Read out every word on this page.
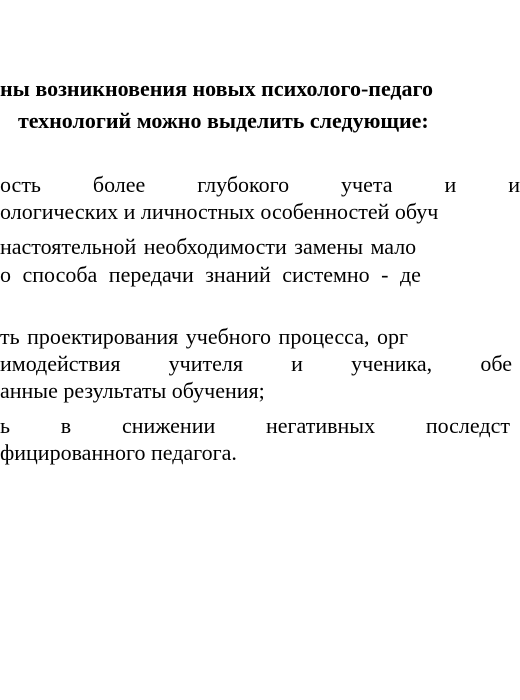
ны возникновения новых психолого-педаго
технологий можно выделить следующие:
ость более глубокого учета и и
ологических и личностных особенностей обуч
настоятельной необходимости замены мало
о способа передачи знаний системно - де
ть проектирования учебного процесса, орг
имодействия учителя и ученика, обе
анные результаты обучения;
ь в снижении негативных последст
фицированного педагога.
